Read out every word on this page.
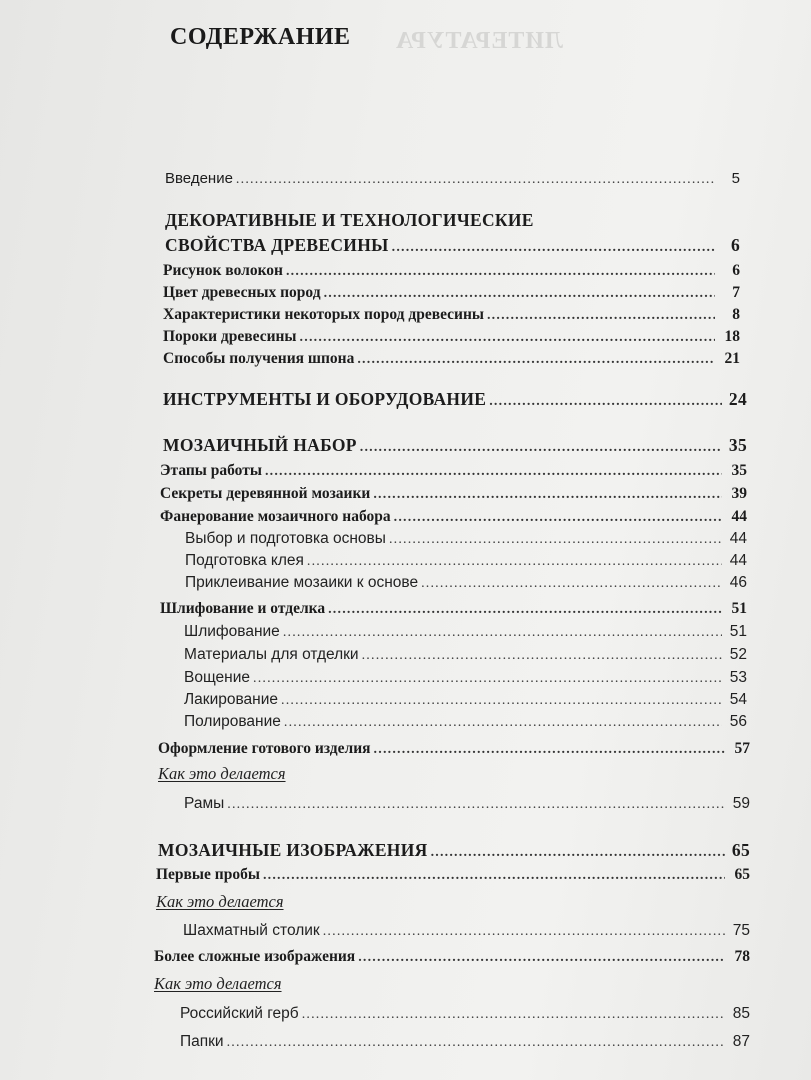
ЛИТЕРАТУРА
СОДЕРЖАНИЕ
Введение .....	5
ДЕКОРАТИВНЫЕ И ТЕХНОЛОГИЧЕСКИЕ
СВОЙСТВА ДРЕВЕСИНЫ .....	6
Рисунок волокон .....	6
Цвет древесных пород .....	7
Характеристики некоторых пород древесины .....	8
Пороки древесины .....	18
Способы получения шпона .....	21
ИНСТРУМЕНТЫ И ОБОРУДОВАНИЕ .....	24
МОЗАИЧНЫЙ НАБОР .....	35
Этапы работы .....	35
Секреты деревянной мозаики .....	39
Фанерование мозаичного набора .....	44
Выбор и подготовка основы .....	44
Подготовка клея .....	44
Приклеивание мозаики к основе .....	46
Шлифование и отделка .....	51
Шлифование .....	51
Материалы для отделки .....	52
Вощение .....	53
Лакирование .....	54
Полирование .....	56
Оформление готового изделия .....	57
Как это делается
Рамы .....	59
МОЗАИЧНЫЕ ИЗОБРАЖЕНИЯ .....	65
Первые пробы .....	65
Как это делается
Шахматный столик .....	75
Более сложные изображения .....	78
Как это делается
Российский герб .....	85
Папки .....	87
